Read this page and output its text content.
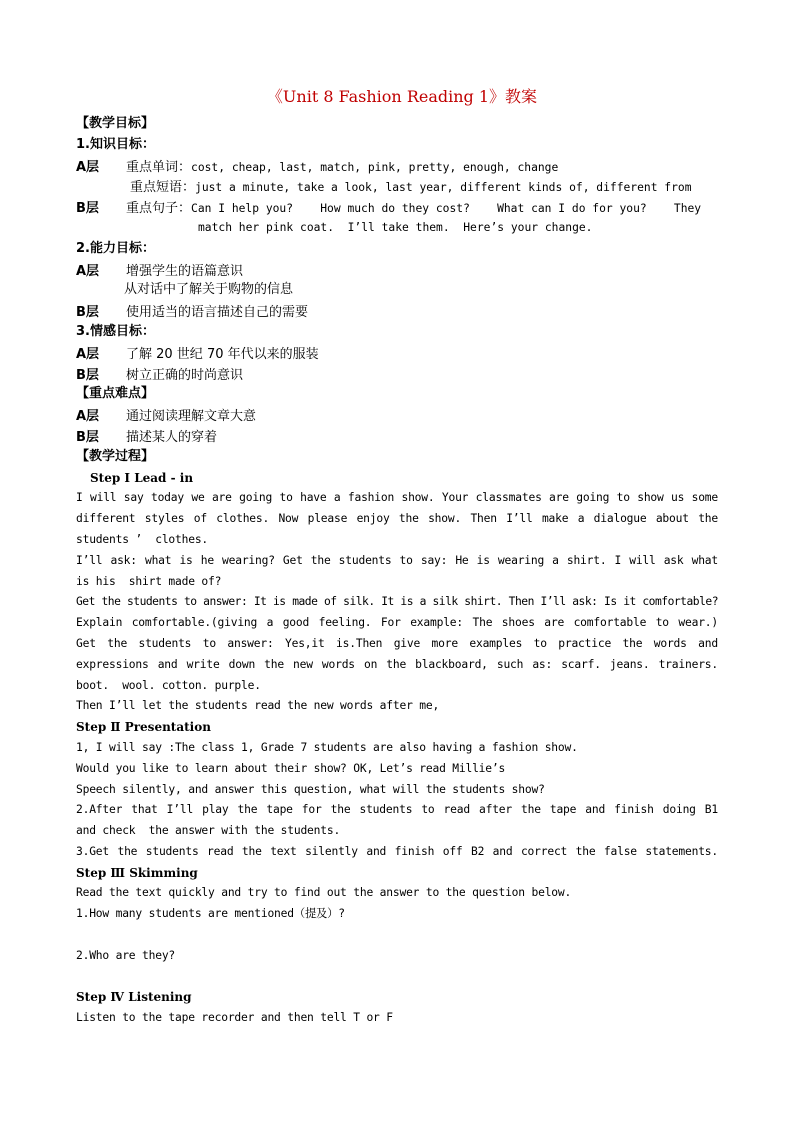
《Unit 8 Fashion Reading 1》教案
【教学目标】
1.知识目标：
A层 重点单词：cost, cheap, last, match, pink, pretty, enough, change
重点短语：just a minute, take a look, last year, different kinds of, different from
B层 重点句子：Can I help you?    How much do they cost?    What can I do for you?    They
match her pink coat.  I’ll take them.  Here’s your change.
2.能力目标：
A层 增强学生的语篇意识
从对话中了解关于购物的信息
B层 使用适当的语言描述自己的需要
3.情感目标：
A层 了解 20 世纪 70 年代以来的服装
B层 树立正确的时尚意识
【重点难点】
A层 通过阅读理解文章大意
B层 描述某人的穿着
【教学过程】
Step Ⅰ Lead - in
I will say today we are going to have a fashion show. Your classmates are going to show us some
different styles of clothes. Now please enjoy the show. Then I’ll make a dialogue about the
students ’  clothes.
I’ll ask: what is he wearing? Get the students to say: He is wearing a shirt. I will ask what
is his  shirt made of?
Get the students to answer: It is made of silk. It is a silk shirt. Then I’ll ask: Is it comfortable?
Explain comfortable.(giving a good feeling. For example: The shoes are comfortable to wear.)
Get the students to answer: Yes,it is.Then give more examples to practice the words and
expressions and write down the new words on the blackboard, such as: scarf. jeans. trainers.
boot.  wool. cotton. purple.
Then I’ll let the students read the new words after me,
Step Ⅱ Presentation
1, I will say :The class 1, Grade 7 students are also having a fashion show.
Would you like to learn about their show? OK, Let’s read Millie’s
Speech silently, and answer this question, what will the students show?
2.After that I’ll play the tape for the students to read after the tape and finish doing B1
and check  the answer with the students.
3.Get the students read the text silently and finish off B2 and correct the false statements.
Step Ⅲ Skimming
Read the text quickly and try to find out the answer to the question below.
1.How many students are mentioned（提及）?
2.Who are they?
Step Ⅳ Listening
Listen to the tape recorder and then tell T or F
